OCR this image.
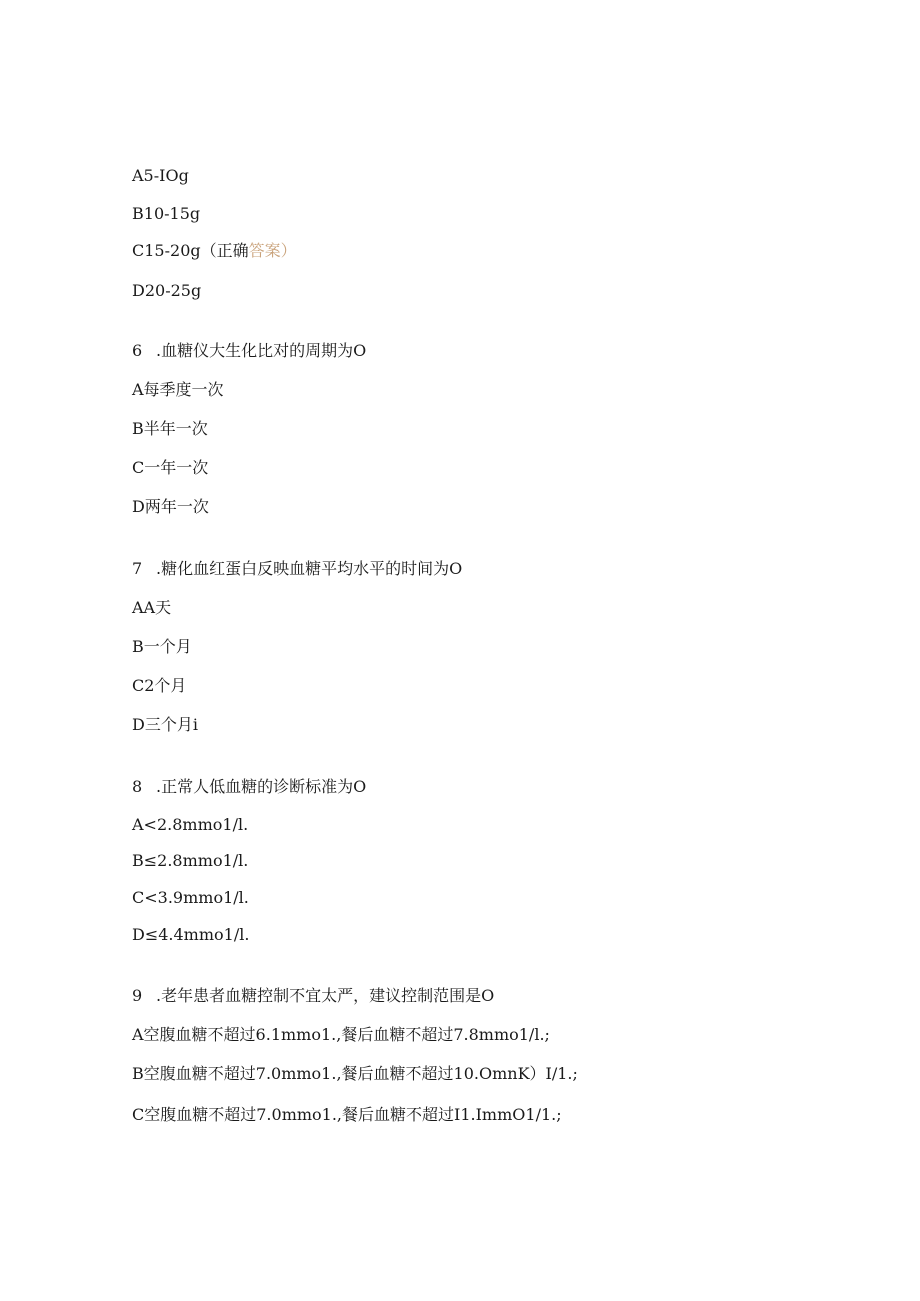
A5-IOg
B10-15g
C15-20g（正确答案）
D20-25g
6 .血糖仪大生化比对的周期为O
A每季度一次
B半年一次
C一年一次
D两年一次
7 .糖化血红蛋白反映血糖平均水平的时间为O
AA天
B一个月
C2个月
D三个月i
8 .正常人低血糖的诊断标准为O
A<2.8mmo1∕l.
B≤2.8mmo1∕l.
C<3.9mmo1∕l.
D≤4.4mmo1∕l.
9 .老年患者血糖控制不宜太严，建议控制范围是O
A空腹血糖不超过6.1mmo1.,餐后血糖不超过7.8mmo1∕l.;
B空腹血糖不超过7.0mmo1.,餐后血糖不超过10.OmnK）I/1.;
C空腹血糖不超过7.0mmo1.,餐后血糖不超过I1.ImmO1/1.;
